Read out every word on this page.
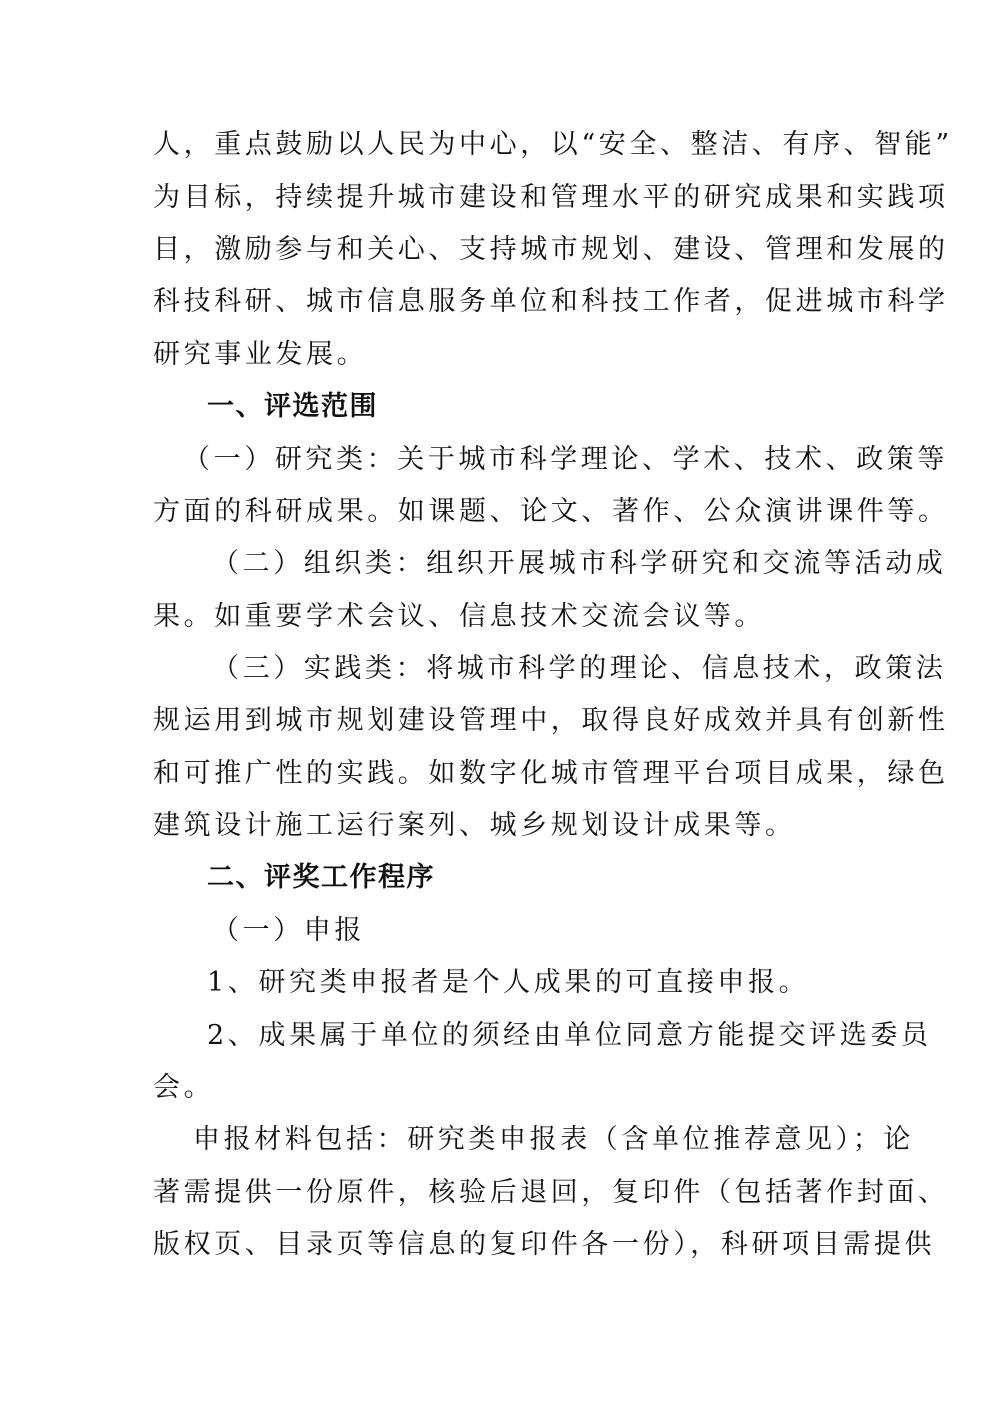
人，重点鼓励以人民为中心，以“安全、整洁、有序、智能”
为目标，持续提升城市建设和管理水平的研究成果和实践项
目，激励参与和关心、支持城市规划、建设、管理和发展的
科技科研、城市信息服务单位和科技工作者，促进城市科学
研究事业发展。
一、评选范围
（一）研究类：关于城市科学理论、学术、技术、政策等
方面的科研成果。如课题、论文、著作、公众演讲课件等。
（二）组织类：组织开展城市科学研究和交流等活动成
果。如重要学术会议、信息技术交流会议等。
（三）实践类：将城市科学的理论、信息技术，政策法
规运用到城市规划建设管理中，取得良好成效并具有创新性
和可推广性的实践。如数字化城市管理平台项目成果，绿色
建筑设计施工运行案列、城乡规划设计成果等。
二、评奖工作程序
（一）申报
1、研究类申报者是个人成果的可直接申报。
2、成果属于单位的须经由单位同意方能提交评选委员
会。
申报材料包括：研究类申报表（含单位推荐意见）；论
著需提供一份原件，核验后退回，复印件（包括著作封面、
版权页、目录页等信息的复印件各一份），科研项目需提供
